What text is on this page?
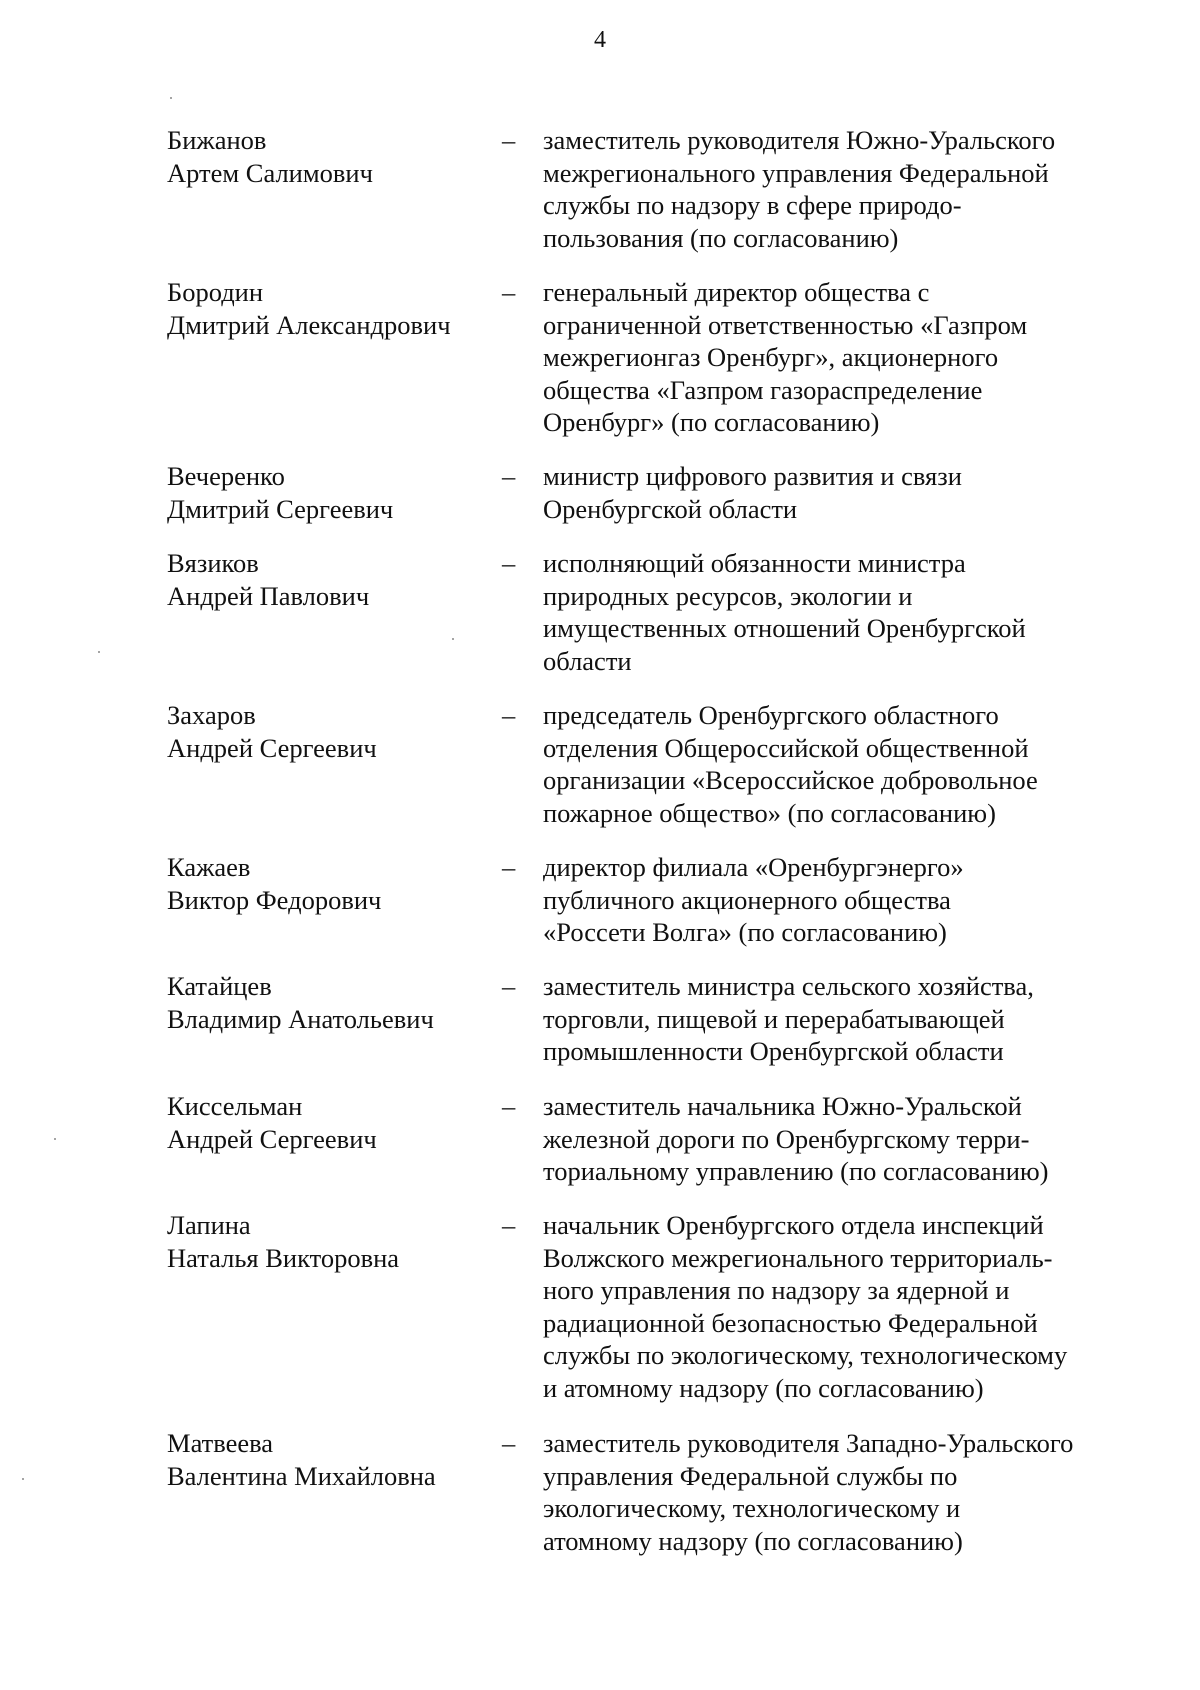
4
Бижанов
Артем Салимович
– заместитель руководителя Южно-Уральского
межрегионального управления Федеральной
службы по надзору в сфере природо-
пользования (по согласованию)
Бородин
Дмитрий Александрович
– генеральный директор общества с
ограниченной ответственностью «Газпром
межрегионгаз Оренбург», акционерного
общества «Газпром газораспределение
Оренбург» (по согласованию)
Вечеренко
Дмитрий Сергеевич
– министр цифрового развития и связи
Оренбургской области
Вязиков
Андрей Павлович
– исполняющий обязанности министра
природных ресурсов, экологии и
имущественных отношений Оренбургской
области
Захаров
Андрей Сергеевич
– председатель Оренбургского областного
отделения Общероссийской общественной
организации «Всероссийское добровольное
пожарное общество» (по согласованию)
Кажаев
Виктор Федорович
– директор филиала «Оренбургэнерго»
публичного акционерного общества
«Россети Волга» (по согласованию)
Катайцев
Владимир Анатольевич
– заместитель министра сельского хозяйства,
торговли, пищевой и перерабатывающей
промышленности Оренбургской области
Киссельман
Андрей Сергеевич
– заместитель начальника Южно-Уральской
железной дороги по Оренбургскому терри-
ториальному управлению (по согласованию)
Лапина
Наталья Викторовна
– начальник Оренбургского отдела инспекций
Волжского межрегионального территориаль-
ного управления по надзору за ядерной и
радиационной безопасностью Федеральной
службы по экологическому, технологическому
и атомному надзору (по согласованию)
Матвеева
Валентина Михайловна
– заместитель руководителя Западно-Уральского
управления Федеральной службы по
экологическому, технологическому и
атомному надзору (по согласованию)
